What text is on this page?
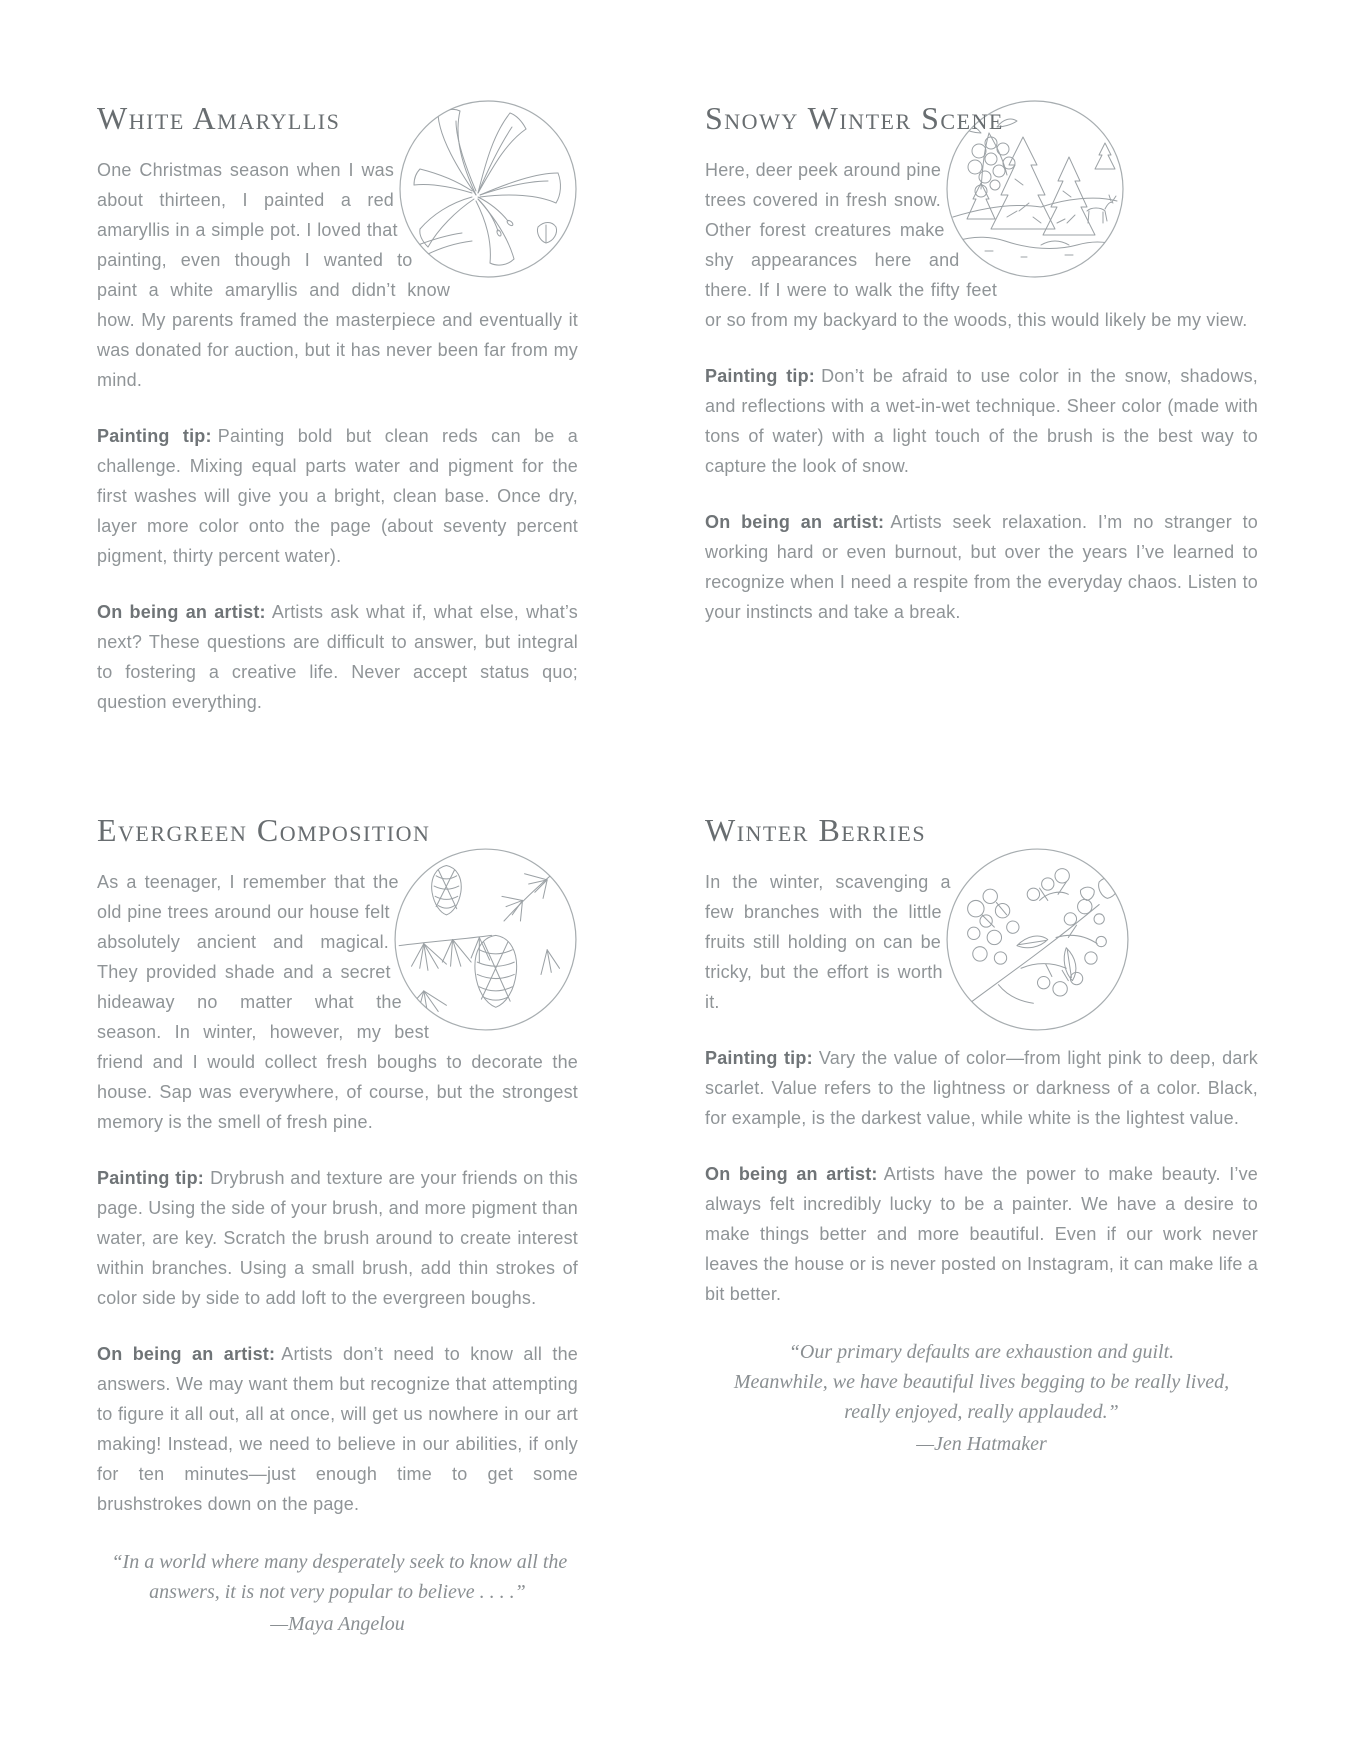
White Amaryllis

One Christmas season when I was about thirteen, I painted a red amaryllis in a simple pot. I loved that painting, even though I wanted to paint a white amaryllis and didn’t know how. My parents framed the masterpiece and eventually it was donated for auction, but it has never been far from my mind.

Painting tip: Painting bold but clean reds can be a challenge. Mixing equal parts water and pigment for the first washes will give you a bright, clean base. Once dry, layer more color onto the page (about seventy percent pigment, thirty percent water).

On being an artist: Artists ask what if, what else, what’s next? These questions are difficult to answer, but integral to fostering a creative life. Never accept status quo; question everything.

Snowy Winter Scene

Here, deer peek around pine trees covered in fresh snow. Other forest creatures make shy appearances here and there. If I were to walk the fifty feet or so from my backyard to the woods, this would likely be my view.

Painting tip: Don’t be afraid to use color in the snow, shadows, and reflections with a wet-in-wet technique. Sheer color (made with tons of water) with a light touch of the brush is the best way to capture the look of snow.

On being an artist: Artists seek relaxation. I’m no stranger to working hard or even burnout, but over the years I’ve learned to recognize when I need a respite from the everyday chaos. Listen to your instincts and take a break.

Evergreen Composition

As a teenager, I remember that the old pine trees around our house felt absolutely ancient and magical. They provided shade and a secret hideaway no matter what the season. In winter, however, my best friend and I would collect fresh boughs to decorate the house. Sap was everywhere, of course, but the strongest memory is the smell of fresh pine.

Painting tip: Drybrush and texture are your friends on this page. Using the side of your brush, and more pigment than water, are key. Scratch the brush around to create interest within branches. Using a small brush, add thin strokes of color side by side to add loft to the evergreen boughs.

On being an artist: Artists don’t need to know all the answers. We may want them but recognize that attempting to figure it all out, all at once, will get us nowhere in our art making! Instead, we need to believe in our abilities, if only for ten minutes—just enough time to get some brushstrokes down on the page.

“In a world where many desperately seek to know all the
answers, it is not very popular to believe . . . .”
—Maya Angelou
Winter Berries

In the winter, scavenging a few branches with the little fruits still holding on can be tricky, but the effort is worth it.

Painting tip: Vary the value of color—from light pink to deep, dark scarlet. Value refers to the lightness or darkness of a color. Black, for example, is the darkest value, while white is the lightest value.

On being an artist: Artists have the power to make beauty. I’ve always felt incredibly lucky to be a painter. We have a desire to make things better and more beautiful. Even if our work never leaves the house or is never posted on Instagram, it can make life a bit better.

“Our primary defaults are exhaustion and guilt.
Meanwhile, we have beautiful lives begging to be really lived,
really enjoyed, really applauded.”
—Jen Hatmaker
